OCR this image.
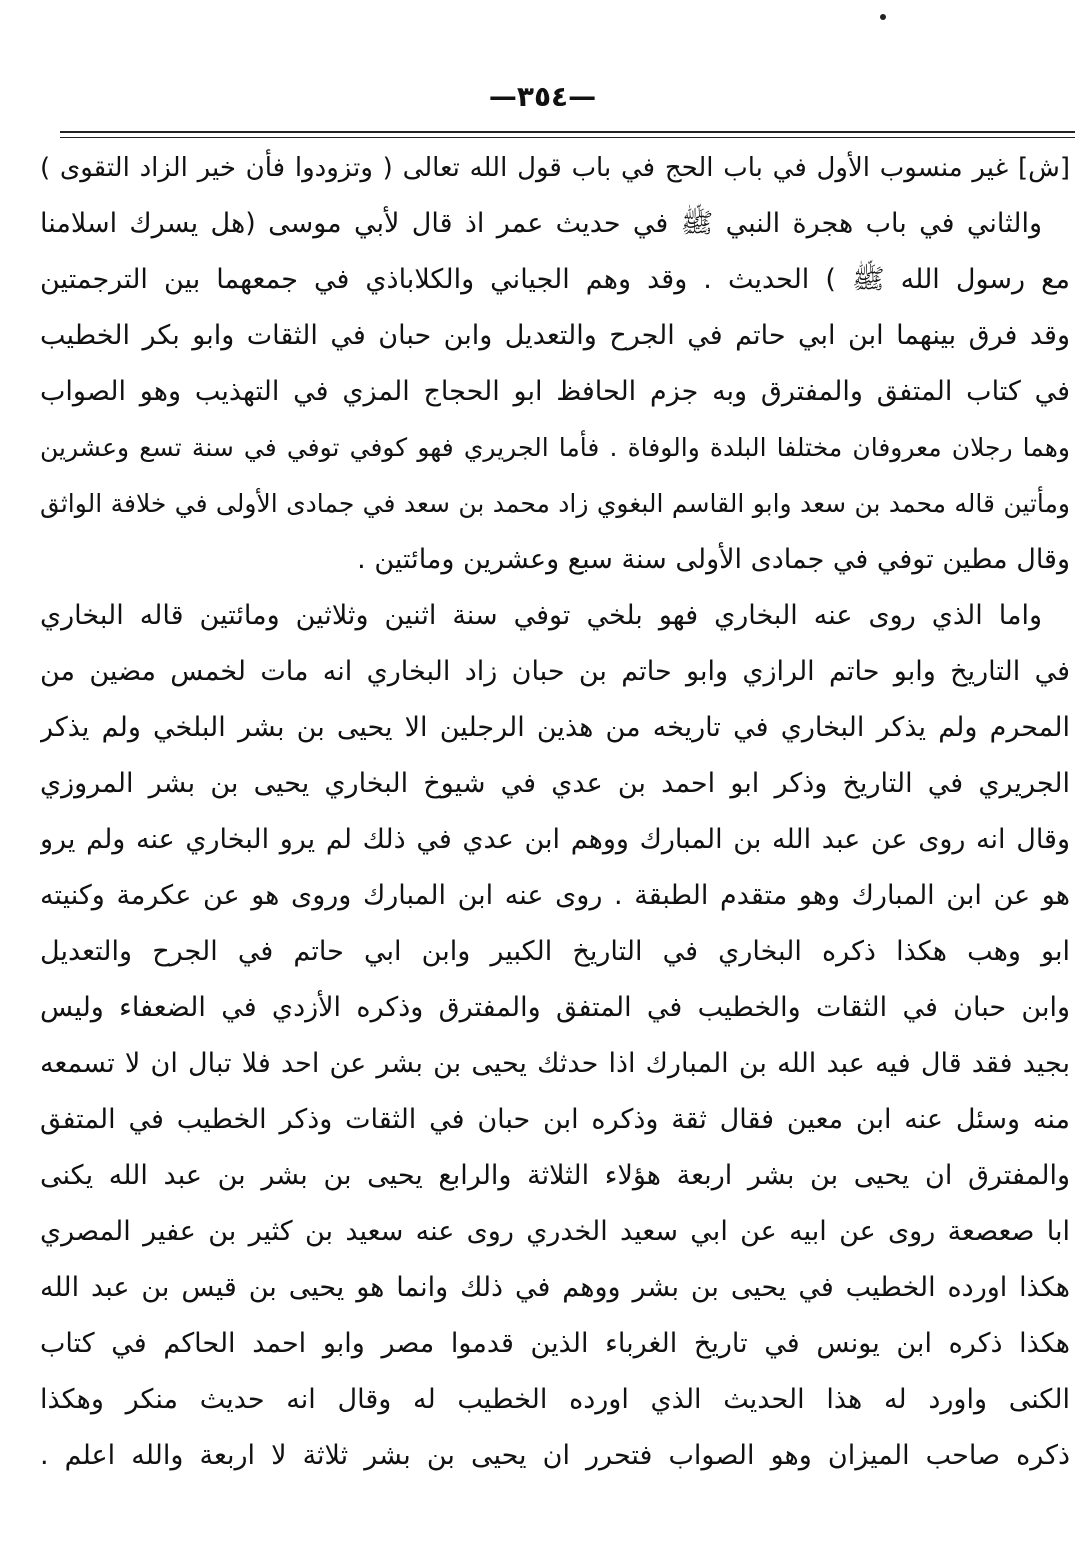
—٣٥٤—
[ش] غير منسوب الأول في باب الحج في باب قول الله تعالى ( وتزودوا فأن خير الزاد التقوى )
والثاني في باب هجرة النبي ﷺ في حديث عمر اذ قال لأبي موسى (هل يسرك اسلامنا
مع رسول الله ﷺ ) الحديث . وقد وهم الجياني والكلاباذي في جمعهما بين الترجمتين
وقد فرق بينهما ابن ابي حاتم في الجرح والتعديل وابن حبان في الثقات وابو بكر الخطيب
في كتاب المتفق والمفترق وبه جزم الحافظ ابو الحجاج المزي في التهذيب وهو الصواب
وهما رجلان معروفان مختلفا البلدة والوفاة . فأما الجريري فهو كوفي توفي في سنة تسع وعشرين
ومأتين قاله محمد بن سعد وابو القاسم البغوي زاد محمد بن سعد في جمادى الأولى في خلافة الواثق
وقال مطين توفي في جمادى الأولى سنة سبع وعشرين ومائتين .
واما الذي روى عنه البخاري فهو بلخي توفي سنة اثنين وثلاثين ومائتين قاله البخاري
في التاريخ وابو حاتم الرازي وابو حاتم بن حبان زاد البخاري انه مات لخمس مضين من
المحرم ولم يذكر البخاري في تاريخه من هذين الرجلين الا يحيى بن بشر البلخي ولم يذكر
الجريري في التاريخ وذكر ابو احمد بن عدي في شيوخ البخاري يحيى بن بشر المروزي
وقال انه روى عن عبد الله بن المبارك ووهم ابن عدي في ذلك لم يرو البخاري عنه ولم يرو
هو عن ابن المبارك وهو متقدم الطبقة . روى عنه ابن المبارك وروى هو عن عكرمة وكنيته
ابو وهب هكذا ذكره البخاري في التاريخ الكبير وابن ابي حاتم في الجرح والتعديل
وابن حبان في الثقات والخطيب في المتفق والمفترق وذكره الأزدي في الضعفاء وليس
بجيد فقد قال فيه عبد الله بن المبارك اذا حدثك يحيى بن بشر عن احد فلا تبال ان لا تسمعه
منه وسئل عنه ابن معين فقال ثقة وذكره ابن حبان في الثقات وذكر الخطيب في المتفق
والمفترق ان يحيى بن بشر اربعة هؤلاء الثلاثة والرابع يحيى بن بشر بن عبد الله يكنى
ابا صعصعة روى عن ابيه عن ابي سعيد الخدري روى عنه سعيد بن كثير بن عفير المصري
هكذا اورده الخطيب في يحيى بن بشر ووهم في ذلك وانما هو يحيى بن قيس بن عبد الله
هكذا ذكره ابن يونس في تاريخ الغرباء الذين قدموا مصر وابو احمد الحاكم في كتاب
الكنى واورد له هذا الحديث الذي اورده الخطيب له وقال انه حديث منكر وهكذا
ذكره صاحب الميزان وهو الصواب فتحرر ان يحيى بن بشر ثلاثة لا اربعة والله اعلم .
